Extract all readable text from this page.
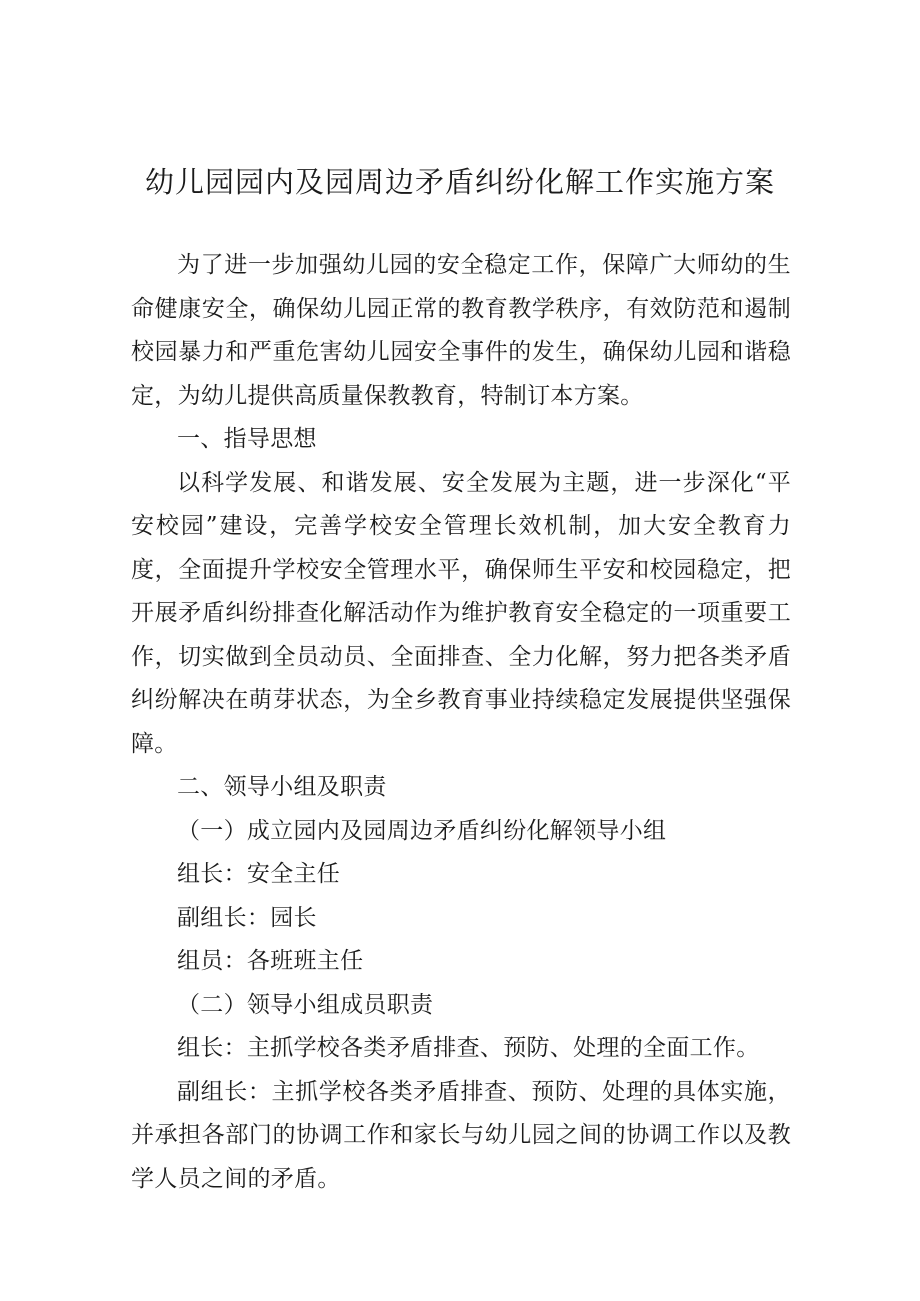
幼儿园园内及园周边矛盾纠纷化解工作实施方案

为了进一步加强幼儿园的安全稳定工作，保障广大师幼的生命健康安全，确保幼儿园正常的教育教学秩序，有效防范和遏制校园暴力和严重危害幼儿园安全事件的发生，确保幼儿园和谐稳定，为幼儿提供高质量保教教育，特制订本方案。

一、指导思想

以科学发展、和谐发展、安全发展为主题，进一步深化“平安校园”建设，完善学校安全管理长效机制，加大安全教育力度，全面提升学校安全管理水平，确保师生平安和校园稳定，把开展矛盾纠纷排查化解活动作为维护教育安全稳定的一项重要工作，切实做到全员动员、全面排查、全力化解，努力把各类矛盾纠纷解决在萌芽状态，为全乡教育事业持续稳定发展提供坚强保障。

二、领导小组及职责

（一）成立园内及园周边矛盾纠纷化解领导小组

组长：安全主任

副组长：园长

组员：各班班主任

（二）领导小组成员职责

组长：主抓学校各类矛盾排查、预防、处理的全面工作。

副组长：主抓学校各类矛盾排查、预防、处理的具体实施，并承担各部门的协调工作和家长与幼儿园之间的协调工作以及教学人员之间的矛盾。
